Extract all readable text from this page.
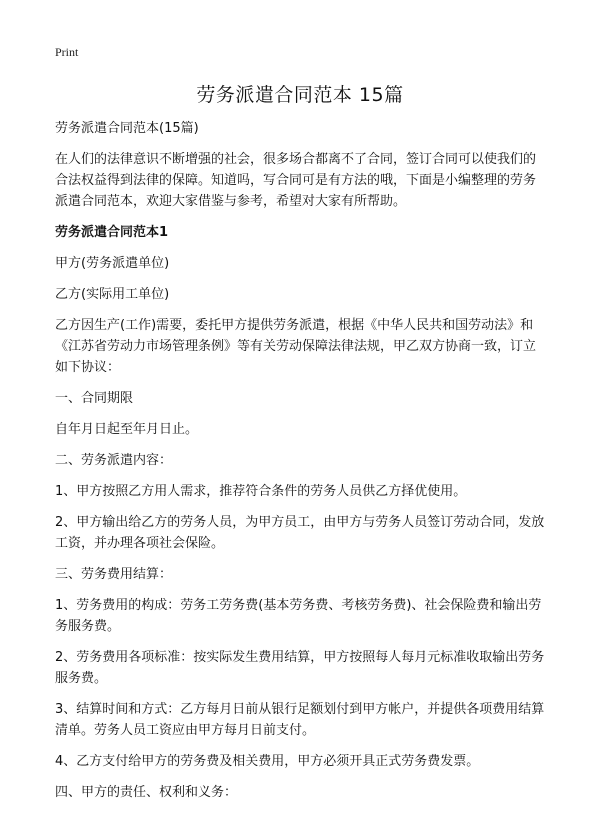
Print
劳务派遣合同范本 15篇

劳务派遣合同范本(15篇)

在人们的法律意识不断增强的社会，很多场合都离不了合同，签订合同可以使我们的合法权益得到法律的保障。知道吗，写合同可是有方法的哦，下面是小编整理的劳务派遣合同范本，欢迎大家借鉴与参考，希望对大家有所帮助。

劳务派遣合同范本1

甲方(劳务派遣单位)

乙方(实际用工单位)

乙方因生产(工作)需要，委托甲方提供劳务派遣，根据《中华人民共和国劳动法》和《江苏省劳动力市场管理条例》等有关劳动保障法律法规，甲乙双方协商一致，订立如下协议：

一、合同期限

自年月日起至年月日止。

二、劳务派遣内容：

1、甲方按照乙方用人需求，推荐符合条件的劳务人员供乙方择优使用。

2、甲方输出给乙方的劳务人员，为甲方员工，由甲方与劳务人员签订劳动合同，发放工资，并办理各项社会保险。

三、劳务费用结算：

1、劳务费用的构成：劳务工劳务费(基本劳务费、考核劳务费)、社会保险费和输出劳务服务费。

2、劳务费用各项标准：按实际发生费用结算，甲方按照每人每月元标准收取输出劳务服务费。

3、结算时间和方式：乙方每月日前从银行足额划付到甲方帐户，并提供各项费用结算清单。劳务人员工资应由甲方每月日前支付。

4、乙方支付给甲方的劳务费及相关费用，甲方必须开具正式劳务费发票。

四、甲方的责任、权利和义务：
